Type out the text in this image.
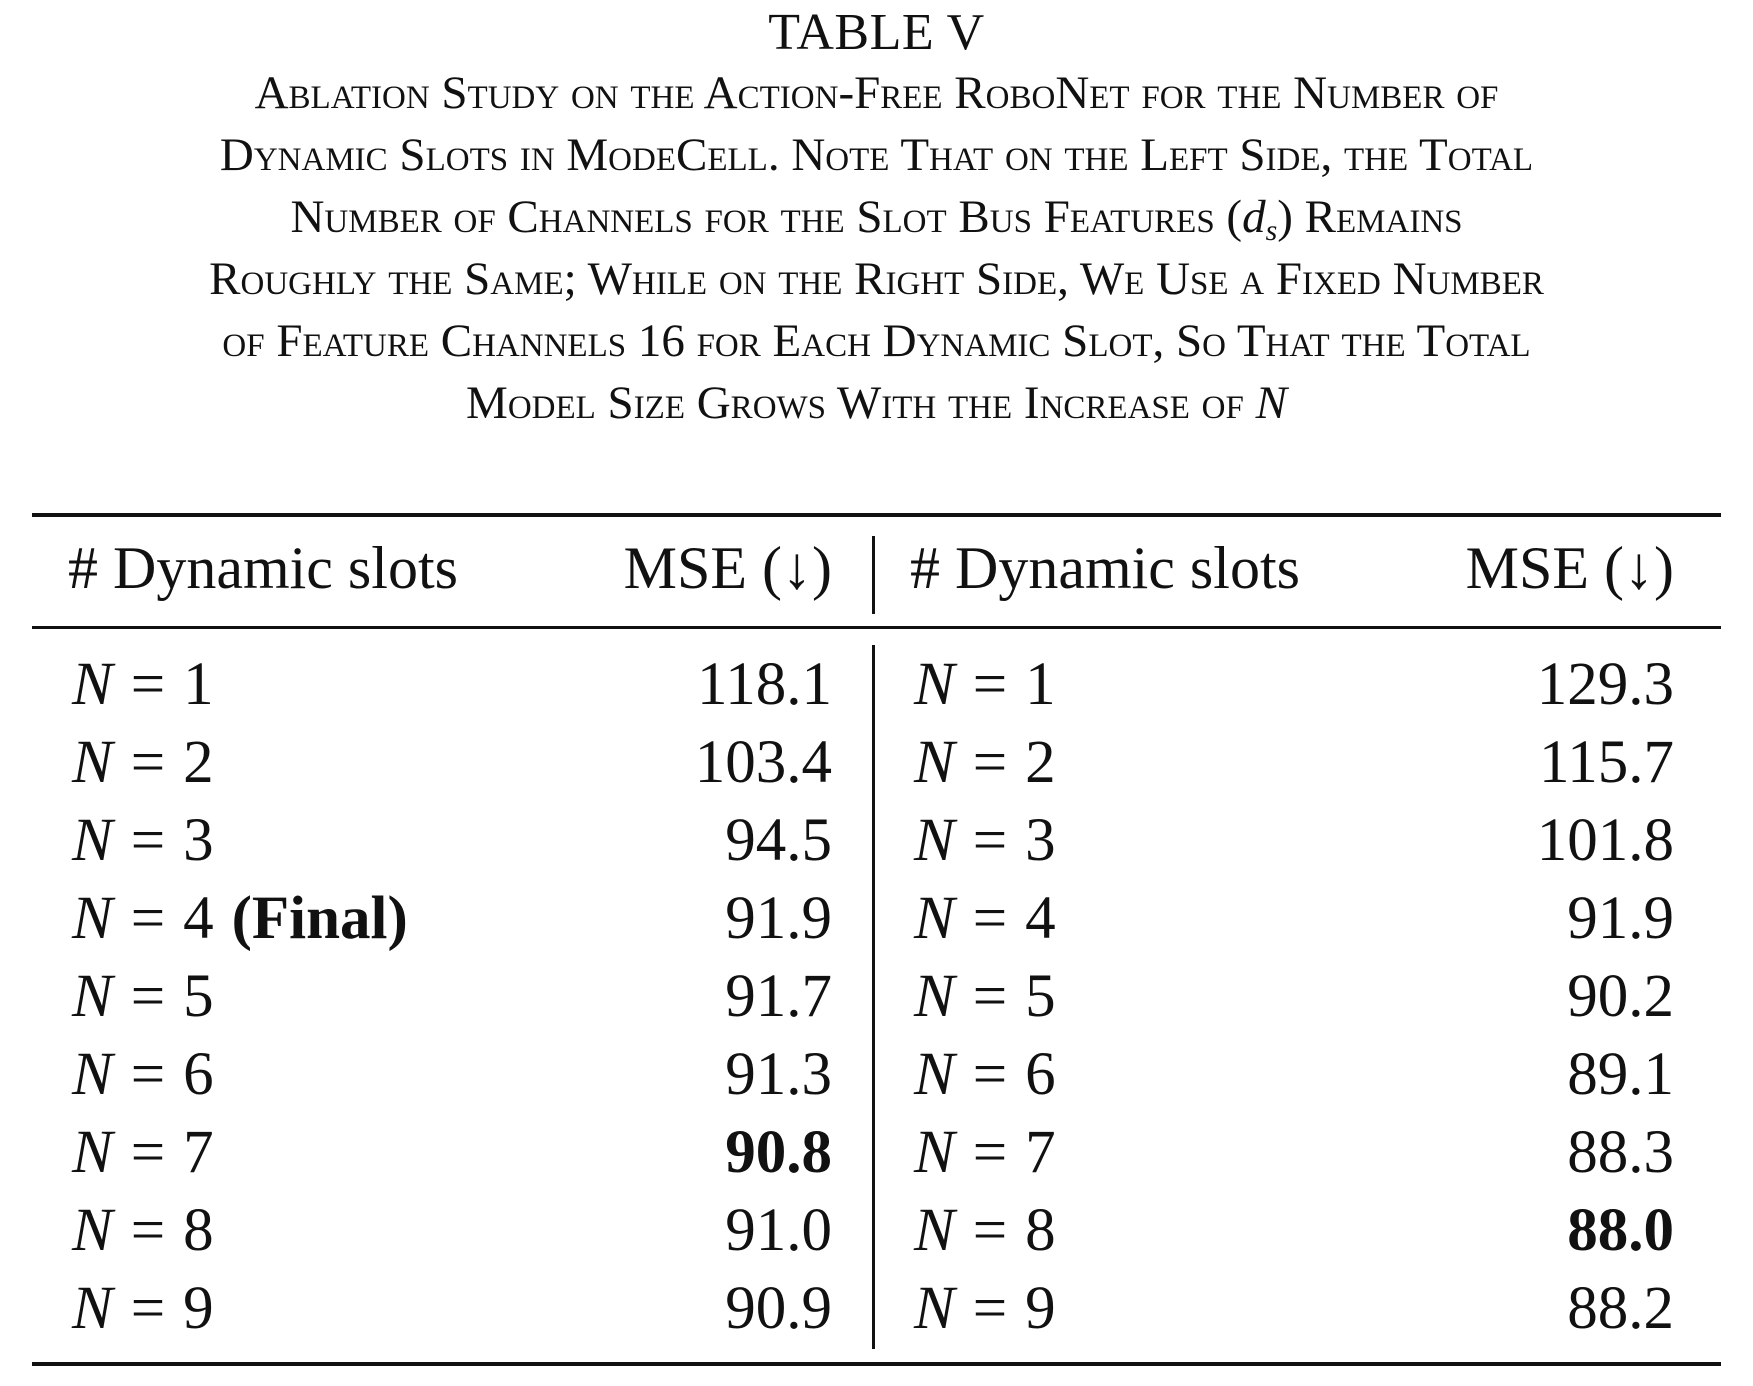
TABLE V
Ablation Study on the Action-Free RoboNet for the Number of
Dynamic Slots in ModeCell. Note That on the Left Side, the Total
Number of Channels for the Slot Bus Features $(d_s)$ Remains
Roughly the Same; While on the Right Side, We Use a Fixed Number
of Feature Channels 16 for Each Dynamic Slot, So That the Total
Model Size Grows With the Increase of N
# Dynamic slots	MSE (↓) # Dynamic slots	MSE (↓)
N = 1	118.1 N = 1	129.3
N = 2	103.4 N = 2	115.7
N = 3	94.5 N = 3	101.8
N = 4 (Final)	91.9 N = 4	91.9
N = 5	91.7 N = 5	90.2
N = 6	91.3 N = 6	89.1
N = 7	90.8 N = 7	88.3
N = 8	91.0 N = 8	88.0
N = 9	90.9 N = 9	88.2
